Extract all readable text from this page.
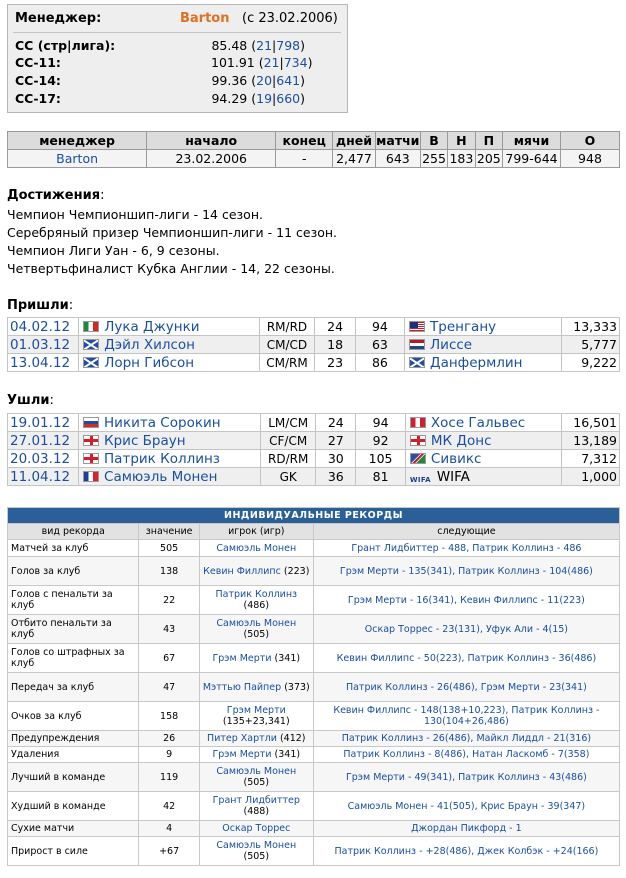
Менеджер:	Barton (с 23.02.2006)
СС (стр|лига):	85.48 (21|798)
СС-11:	101.91 (21|734)
СС-14:	99.36 (20|641)
СС-17:	94.29 (19|660)
менеджер	начало	конец	дней	матчи	В	Н	П	мячи	О
Barton	23.02.2006	-	2,477	643	255	183	205	799-644	948
Достижения:
Чемпион Чемпионшип-лиги - 14 сезон.
Серебряный призер Чемпионшип-лиги - 11 сезон.
Чемпион Лиги Уан - 6, 9 сезоны.
Четвертьфиналист Кубка Англии - 14, 22 сезоны.
Пришли:
04.02.12	Лука Джунки	RM/RD	24	94	Тренгану	13,333
01.03.12	Дэйл Хилсон	CM/CD	18	63	Лиссе	5,777
13.04.12	Лорн Гибсон	CM/RM	23	86	Данфермлин	9,222
Ушли:
19.01.12	Никита Сорокин	LM/CM	24	94	Хосе Гальвес	16,501
27.01.12	Крис Браун	CF/CM	27	92	МК Донс	13,189
20.03.12	Патрик Коллинз	RD/RM	30	105	Сивикс	7,312
11.04.12	Самюэль Монен	GK	36	81	WIFA WIFA	1,000
ИНДИВИДУАЛЬНЫЕ РЕКОРДЫ			
вид рекорда	значение	игрок (игр)	следующие
Матчей за клуб	505	Самюэль Монен	Грант Лидбиттер - 488, Патрик Коллинз - 486
Голов за клуб	138	Кевин Филлипс (223)	Грэм Мерти - 135(341), Патрик Коллинз - 104(486)
Голов с пенальти за клуб	22	Патрик Коллинз (486)	Грэм Мерти - 16(341), Кевин Филлипс - 11(223)
Отбито пенальти за клуб	43	Самюэль Монен (505)	Оскар Торрес - 23(131), Уфук Али - 4(15)
Голов со штрафных за клуб	67	Грэм Мерти (341)	Кевин Филлипс - 50(223), Патрик Коллинз - 36(486)
Передач за клуб	47	Мэттью Пайпер (373)	Патрик Коллинз - 26(486), Грэм Мерти - 23(341)
Очков за клуб	158	Грэм Мерти (135+23,341)	Кевин Филлипс - 148(138+10,223), Патрик Коллинз - 130(104+26,486)
Предупреждения	26	Питер Хартли (412)	Патрик Коллинз - 26(486), Майкл Лиддл - 21(316)
Удаления	9	Грэм Мерти (341)	Патрик Коллинз - 8(486), Натан Ласкомб - 7(358)
Лучший в команде	119	Самюэль Монен (505)	Грэм Мерти - 49(341), Патрик Коллинз - 43(486)
Худший в команде	42	Грант Лидбиттер (488)	Самюэль Монен - 41(505), Крис Браун - 39(347)
Сухие матчи	4	Оскар Торрес	Джордан Пикфорд - 1
Прирост в силе	+67	Самюэль Монен (505)	Патрик Коллинз - +28(486), Джек Колбэк - +24(166)
